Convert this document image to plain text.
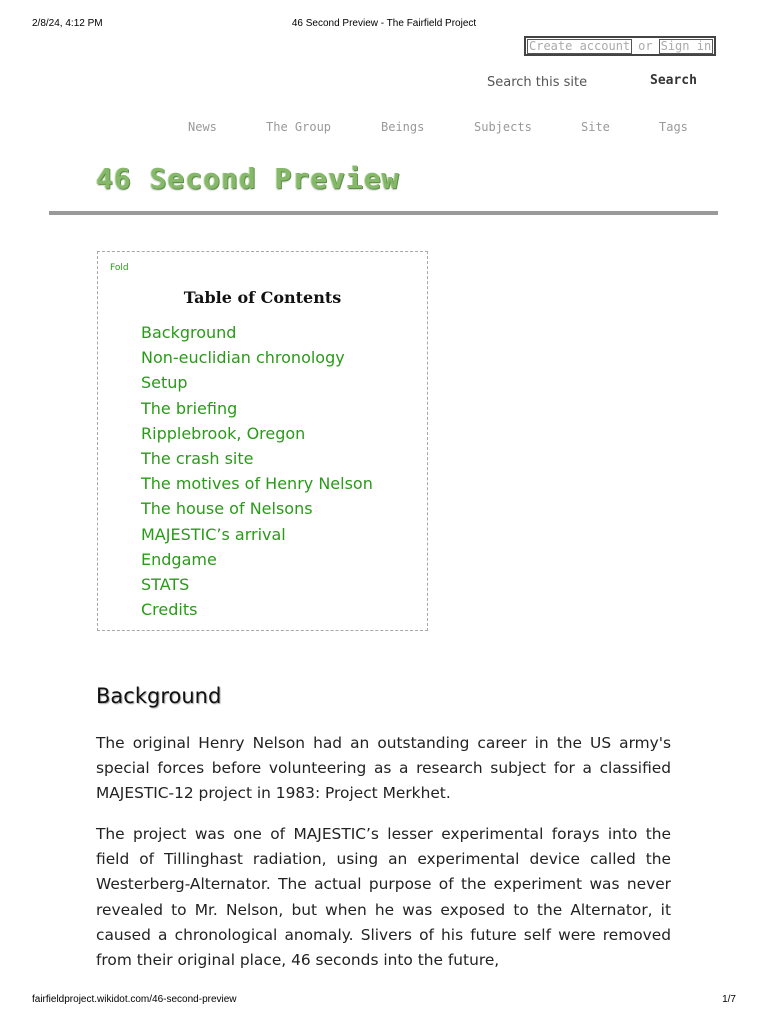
2/8/24, 4:12 PM	46 Second Preview - The Fairfield Project
Create account or Sign in
Search this site
Search
News	The Group	Beings	Subjects	Site	Tags
46 Second Preview
Fold
Table of Contents
Background
Non-euclidian chronology
Setup
The briefing
Ripplebrook, Oregon
The crash site
The motives of Henry Nelson
The house of Nelsons
MAJESTIC’s arrival
Endgame
STATS
Credits
Background

The original Henry Nelson had an outstanding career in the US army's special forces before volunteering as a research subject for a classified MAJESTIC-12 project in 1983: Project Merkhet.

The project was one of MAJESTIC’s lesser experimental forays into the field of Tillinghast radiation, using an experimental device called the Westerberg-Alternator. The actual purpose of the experiment was never revealed to Mr. Nelson, but when he was exposed to the Alternator, it caused a chronological anomaly. Slivers of his future self were removed from their original place, 46 seconds into the future,

fairfieldproject.wikidot.com/46-second-preview	1/7
